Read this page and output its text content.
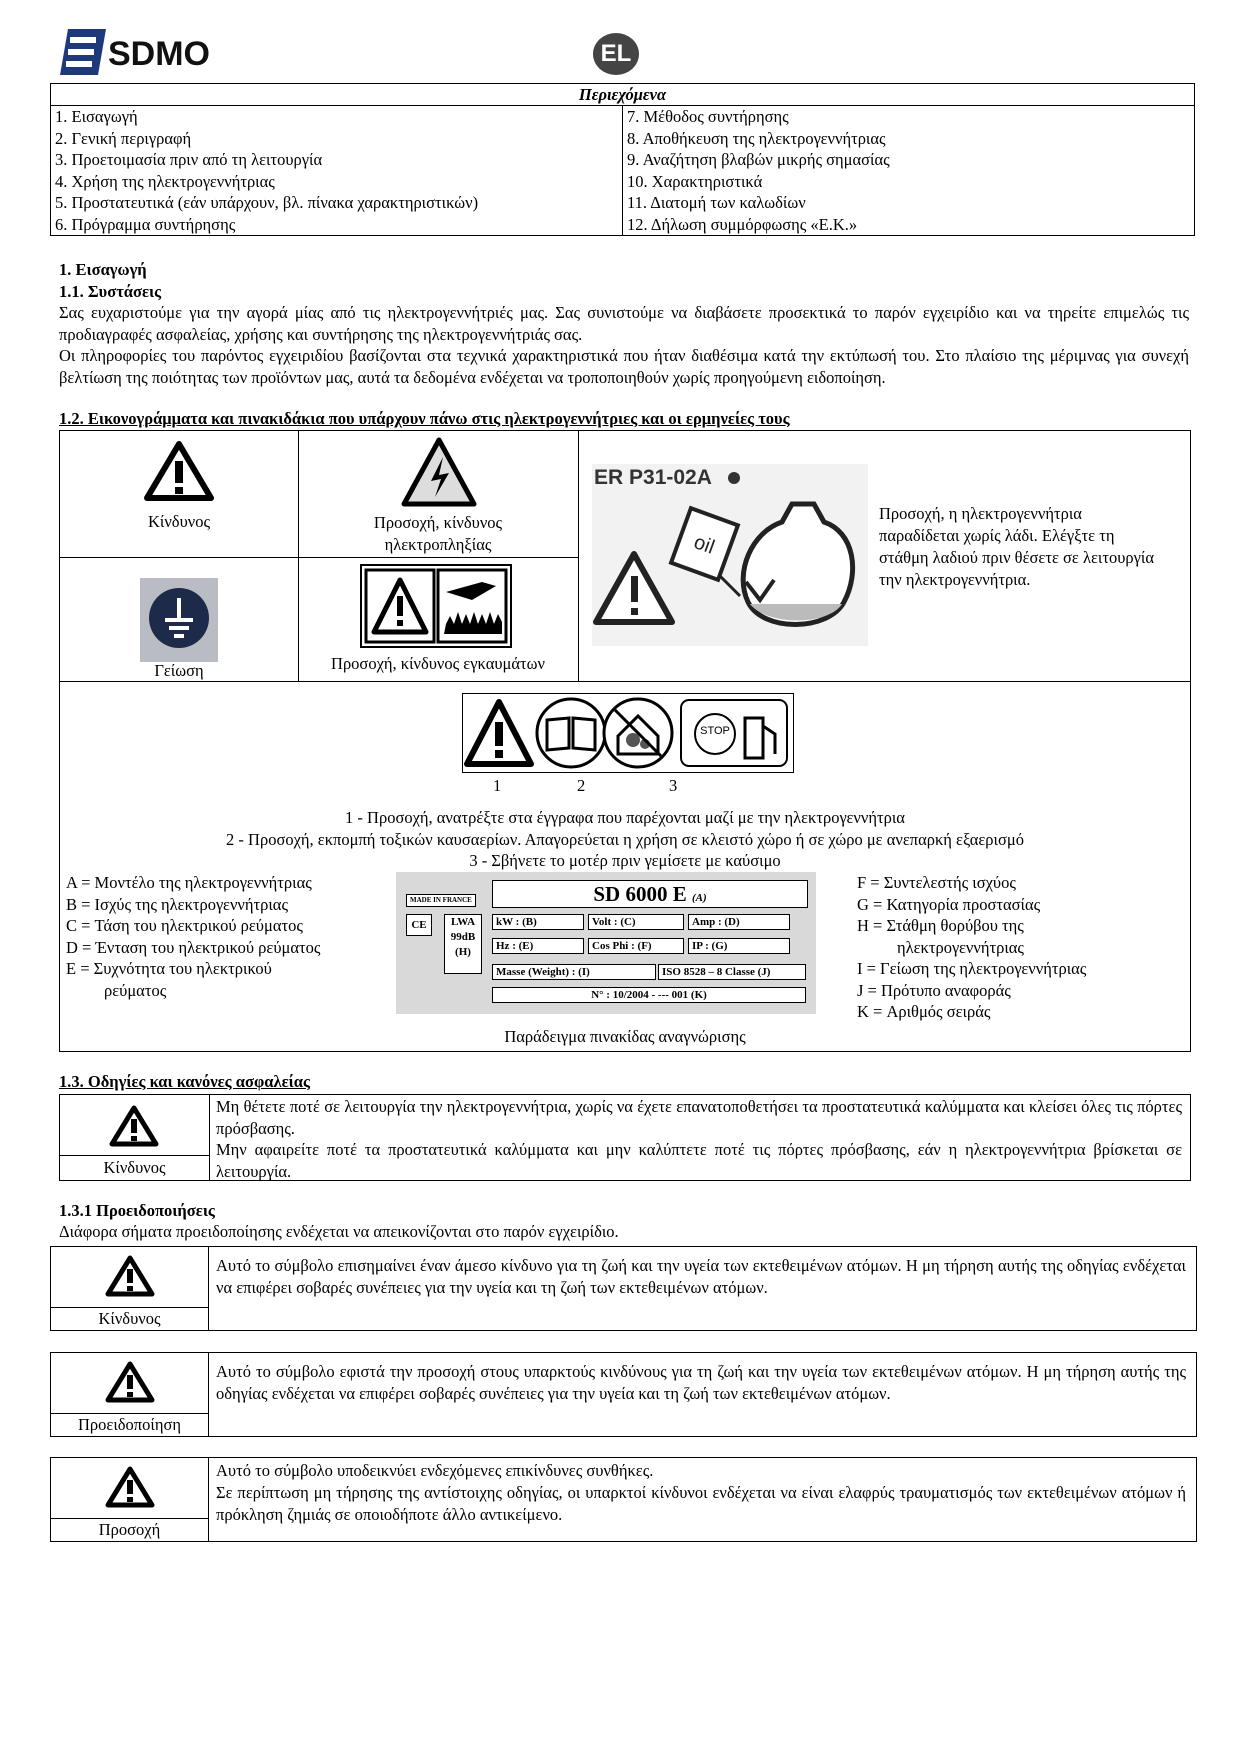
SDMO	EL
Περιεχόμενα

1. Εισαγωγή
2. Γενική περιγραφή
3. Προετοιμασία πριν από τη λειτουργία
4. Χρήση της ηλεκτρογεννήτριας
5. Προστατευτικά (εάν υπάρχουν, βλ. πίνακα χαρακτηριστικών)
6. Πρόγραμμα συντήρησης

7. Μέθοδος συντήρησης
8. Αποθήκευση της ηλεκτρογεννήτριας
9. Αναζήτηση βλαβών μικρής σημασίας
10. Χαρακτηριστικά
11. Διατομή των καλωδίων
12. Δήλωση συμμόρφωσης «Ε.Κ.»
1. Εισαγωγή
1.1. Συστάσεις
Σας ευχαριστούμε για την αγορά μίας από τις ηλεκτρογεννήτριές μας. Σας συνιστούμε να διαβάσετε προσεκτικά το παρόν εγχειρίδιο και να τηρείτε επιμελώς τις προδιαγραφές ασφαλείας, χρήσης και συντήρησης της ηλεκτρογεννήτριάς σας.
Οι πληροφορίες του παρόντος εγχειριδίου βασίζονται στα τεχνικά χαρακτηριστικά που ήταν διαθέσιμα κατά την εκτύπωσή του. Στο πλαίσιο της μέριμνας για συνεχή βελτίωση της ποιότητας των προϊόντων μας, αυτά τα δεδομένα ενδέχεται να τροποποιηθούν χωρίς προηγούμενη ειδοποίηση.
1.2. Εικονογράμματα και πινακιδάκια που υπάρχουν πάνω στις ηλεκτρογεννήτριες και οι ερμηνείες τους
Κίνδυνος	Προσοχή, κίνδυνος ηλεκτροπληξίας
Γείωση	Προσοχή, κίνδυνος εγκαυμάτων
ER P31-02A
oil
Προσοχή, η ηλεκτρογεννήτρια παραδίδεται χωρίς λάδι. Ελέγξτε τη στάθμη λαδιού πριν θέσετε σε λειτουργία την ηλεκτρογεννήτρια.
STOP
1	2	3
1 - Προσοχή, ανατρέξτε στα έγγραφα που παρέχονται μαζί με την ηλεκτρογεννήτρια
2 - Προσοχή, εκπομπή τοξικών καυσαερίων. Απαγορεύεται η χρήση σε κλειστό χώρο ή σε χώρο με ανεπαρκή εξαερισμό
3 - Σβήνετε το μοτέρ πριν γεμίσετε με καύσιμο
A = Μοντέλο της ηλεκτρογεννήτριας
B = Ισχύς της ηλεκτρογεννήτριας
C = Τάση του ηλεκτρικού ρεύματος
D = Ένταση του ηλεκτρικού ρεύματος
E = Συχνότητα του ηλεκτρικού
ρεύματος
MADE IN FRANCE	SD 6000 E (A)
CE	LWA
99dB
(H)
kW : (B)	Volt : (C)	Amp : (D)
Hz : (E)	Cos Phi : (F)	IP : (G)
Masse (Weight) : (I)	ISO 8528 – 8 Classe (J)
N° : 10/2004 - --- 001 (K)
F = Συντελεστής ισχύος
G = Κατηγορία προστασίας
H = Στάθμη θορύβου της
ηλεκτρογεννήτριας
I = Γείωση της ηλεκτρογεννήτριας
J = Πρότυπο αναφοράς
K = Αριθμός σειράς
Παράδειγμα πινακίδας αναγνώρισης
1.3. Οδηγίες και κανόνες ασφαλείας
Κίνδυνος
Μη θέτετε ποτέ σε λειτουργία την ηλεκτρογεννήτρια, χωρίς να έχετε επανατοποθετήσει τα προστατευτικά καλύμματα και κλείσει όλες τις πόρτες πρόσβασης.
Μην αφαιρείτε ποτέ τα προστατευτικά καλύμματα και μην καλύπτετε ποτέ τις πόρτες πρόσβασης, εάν η ηλεκτρογεννήτρια βρίσκεται σε λειτουργία.
1.3.1 Προειδοποιήσεις
Διάφορα σήματα προειδοποίησης ενδέχεται να απεικονίζονται στο παρόν εγχειρίδιο.
Κίνδυνος
Αυτό το σύμβολο επισημαίνει έναν άμεσο κίνδυνο για τη ζωή και την υγεία των εκτεθειμένων ατόμων. Η μη τήρηση αυτής της οδηγίας ενδέχεται να επιφέρει σοβαρές συνέπειες για την υγεία και τη ζωή των εκτεθειμένων ατόμων.
Προειδοποίηση
Αυτό το σύμβολο εφιστά την προσοχή στους υπαρκτούς κινδύνους για τη ζωή και την υγεία των εκτεθειμένων ατόμων. Η μη τήρηση αυτής της οδηγίας ενδέχεται να επιφέρει σοβαρές συνέπειες για την υγεία και τη ζωή των εκτεθειμένων ατόμων.
Προσοχή
Αυτό το σύμβολο υποδεικνύει ενδεχόμενες επικίνδυνες συνθήκες.
Σε περίπτωση μη τήρησης της αντίστοιχης οδηγίας, οι υπαρκτοί κίνδυνοι ενδέχεται να είναι ελαφρύς τραυματισμός των εκτεθειμένων ατόμων ή πρόκληση ζημιάς σε οποιοδήποτε άλλο αντικείμενο.
